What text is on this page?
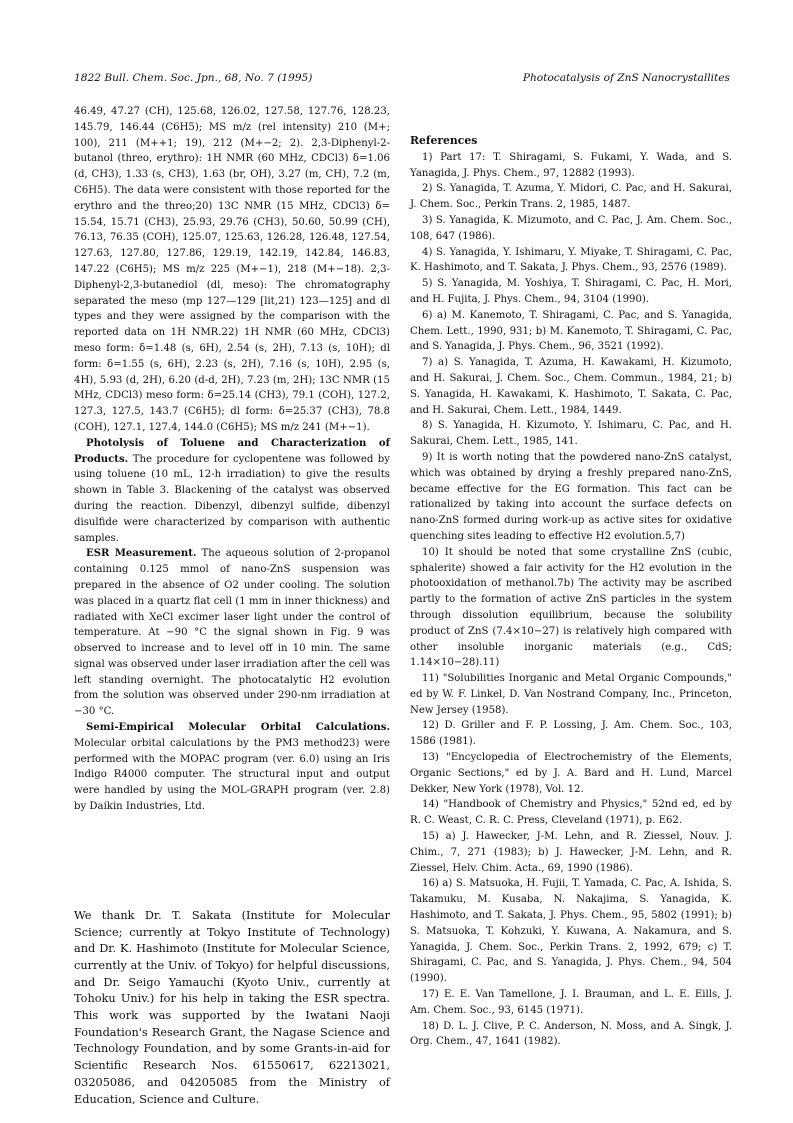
1822 Bull. Chem. Soc. Jpn., 68, No. 7 (1995)	Photocatalysis of ZnS Nanocrystallites

46.49, 47.27 (CH), 125.68, 126.02, 127.58, 127.76, 128.23, 145.79, 146.44 (C6H5); MS m/z (rel intensity) 210 (M+; 100), 211 (M++1; 19), 212 (M+−2; 2). 2,3-Diphenyl-2-butanol (threo, erythro): 1H NMR (60 MHz, CDCl3) δ=1.06 (d, CH3), 1.33 (s, CH3), 1.63 (br, OH), 3.27 (m, CH), 7.2 (m, C6H5). The data were consistent with those reported for the erythro and the threo;20) 13C NMR (15 MHz, CDCl3) δ= 15.54, 15.71 (CH3), 25.93, 29.76 (CH3), 50.60, 50.99 (CH), 76.13, 76.35 (COH), 125.07, 125.63, 126.28, 126.48, 127.54, 127.63, 127.80, 127.86, 129.19, 142.19, 142.84, 146.83, 147.22 (C6H5); MS m/z 225 (M+−1), 218 (M+−18). 2,3-Diphenyl-2,3-butanediol (dl, meso): The chromatography separated the meso (mp 127—129 [lit,21) 123—125] and dl types and they were assigned by the comparison with the reported data on 1H NMR.22) 1H NMR (60 MHz, CDCl3) meso form: δ=1.48 (s, 6H), 2.54 (s, 2H), 7.13 (s, 10H); dl form: δ=1.55 (s, 6H), 2.23 (s, 2H), 7.16 (s, 10H), 2.95 (s, 4H), 5.93 (d, 2H), 6.20 (d-d, 2H), 7.23 (m, 2H); 13C NMR (15 MHz, CDCl3) meso form: δ=25.14 (CH3), 79.1 (COH), 127.2, 127.3, 127.5, 143.7 (C6H5); dl form: δ=25.37 (CH3), 78.8 (COH), 127.1, 127.4, 144.0 (C6H5); MS m/z 241 (M+−1).

Photolysis of Toluene and Characterization of Products. The procedure for cyclopentene was followed by using toluene (10 mL, 12-h irradiation) to give the results shown in Table 3. Blackening of the catalyst was observed during the reaction. Dibenzyl, dibenzyl sulfide, dibenzyl disulfide were characterized by comparison with authentic samples.

ESR Measurement. The aqueous solution of 2-propanol containing 0.125 mmol of nano-ZnS suspension was prepared in the absence of O2 under cooling. The solution was placed in a quartz flat cell (1 mm in inner thickness) and radiated with XeCl excimer laser light under the control of temperature. At −90 °C the signal shown in Fig. 9 was observed to increase and to level off in 10 min. The same signal was observed under laser irradiation after the cell was left standing overnight. The photocatalytic H2 evolution from the solution was observed under 290-nm irradiation at −30 °C.

Semi-Empirical Molecular Orbital Calculations. Molecular orbital calculations by the PM3 method23) were performed with the MOPAC program (ver. 6.0) using an Iris Indigo R4000 computer. The structural input and output were handled by using the MOL-GRAPH program (ver. 2.8) by Daikin Industries, Ltd.

We thank Dr. T. Sakata (Institute for Molecular Science; currently at Tokyo Institute of Technology) and Dr. K. Hashimoto (Institute for Molecular Science, currently at the Univ. of Tokyo) for helpful discussions, and Dr. Seigo Yamauchi (Kyoto Univ., currently at Tohoku Univ.) for his help in taking the ESR spectra. This work was supported by the Iwatani Naoji Foundation's Research Grant, the Nagase Science and Technology Foundation, and by some Grants-in-aid for Scientific Research Nos. 61550617, 62213021, 03205086, and 04205085 from the Ministry of Education, Science and Culture.

References

1) Part 17: T. Shiragami, S. Fukami, Y. Wada, and S. Yanagida, J. Phys. Chem., 97, 12882 (1993).

2) S. Yanagida, T. Azuma, Y. Midori, C. Pac, and H. Sakurai, J. Chem. Soc., Perkin Trans. 2, 1985, 1487.

3) S. Yanagida, K. Mizumoto, and C. Pac, J. Am. Chem. Soc., 108, 647 (1986).

4) S. Yanagida, Y. Ishimaru, Y. Miyake, T. Shiragami, C. Pac, K. Hashimoto, and T. Sakata, J. Phys. Chem., 93, 2576 (1989).

5) S. Yanagida, M. Yoshiya, T. Shiragami, C. Pac, H. Mori, and H. Fujita, J. Phys. Chem., 94, 3104 (1990).

6) a) M. Kanemoto, T. Shiragami, C. Pac, and S. Yanagida, Chem. Lett., 1990, 931; b) M. Kanemoto, T. Shiragami, C. Pac, and S. Yanagida, J. Phys. Chem., 96, 3521 (1992).

7) a) S. Yanagida, T. Azuma, H. Kawakami, H. Kizumoto, and H. Sakurai, J. Chem. Soc., Chem. Commun., 1984, 21; b) S. Yanagida, H. Kawakami, K. Hashimoto, T. Sakata, C. Pac, and H. Sakurai, Chem. Lett., 1984, 1449.

8) S. Yanagida, H. Kizumoto, Y. Ishimaru, C. Pac, and H. Sakurai, Chem. Lett., 1985, 141.

9) It is worth noting that the powdered nano-ZnS catalyst, which was obtained by drying a freshly prepared nano-ZnS, became effective for the EG formation. This fact can be rationalized by taking into account the surface defects on nano-ZnS formed during work-up as active sites for oxidative quenching sites leading to effective H2 evolution.5,7)

10) It should be noted that some crystalline ZnS (cubic, sphalerite) showed a fair activity for the H2 evolution in the photooxidation of methanol.7b) The activity may be ascribed partly to the formation of active ZnS particles in the system through dissolution equilibrium, because the solubility product of ZnS (7.4×10−27) is relatively high compared with other insoluble inorganic materials (e.g., CdS; 1.14×10−28).11)

11) "Solubilities Inorganic and Metal Organic Compounds," ed by W. F. Linkel, D. Van Nostrand Company, Inc., Princeton, New Jersey (1958).

12) D. Griller and F. P. Lossing, J. Am. Chem. Soc., 103, 1586 (1981).

13) "Encyclopedia of Electrochemistry of the Elements, Organic Sections," ed by J. A. Bard and H. Lund, Marcel Dekker, New York (1978), Vol. 12.

14) "Handbook of Chemistry and Physics," 52nd ed, ed by R. C. Weast, C. R. C. Press, Cleveland (1971), p. E62.

15) a) J. Hawecker, J-M. Lehn, and R. Ziessel, Nouv. J. Chim., 7, 271 (1983); b) J. Hawecker, J-M. Lehn, and R. Ziessel, Helv. Chim. Acta., 69, 1990 (1986).

16) a) S. Matsuoka, H. Fujii, T. Yamada, C. Pac, A. Ishida, S. Takamuku, M. Kusaba, N. Nakajima, S. Yanagida, K. Hashimoto, and T. Sakata, J. Phys. Chem., 95, 5802 (1991); b) S. Matsuoka, T. Kohzuki, Y. Kuwana, A. Nakamura, and S. Yanagida, J. Chem. Soc., Perkin Trans. 2, 1992, 679; c) T. Shiragami, C. Pac, and S. Yanagida, J. Phys. Chem., 94, 504 (1990).

17) E. E. Van Tamellone, J. I. Brauman, and L. E. Eills, J. Am. Chem. Soc., 93, 6145 (1971).

18) D. L. J. Clive, P. C. Anderson, N. Moss, and A. Singk, J. Org. Chem., 47, 1641 (1982).
